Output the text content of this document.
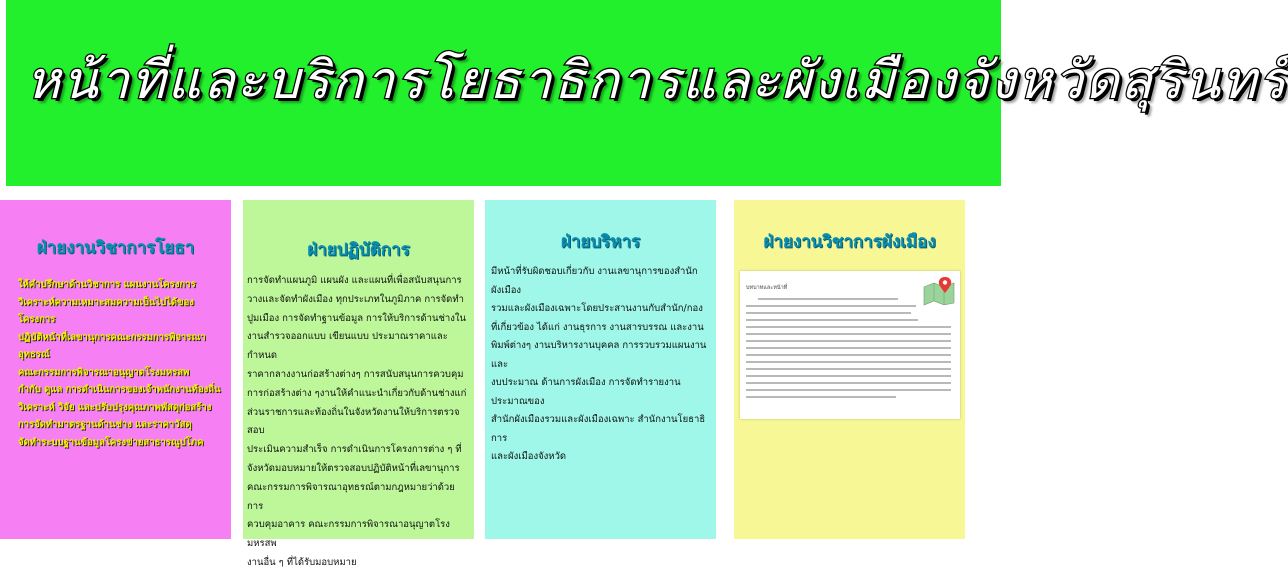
หน้าที่และบริการโยธาธิการและผังเมืองจังหวัดสุรินทร์
ฝ่ายงานวิชาการโยธา
ให้คำปรึกษาด้านวิชาการ แผนงานโครงการ
วิเคราะห์ความเหมาะสมความเป็นไปได้ของโครงการ
ปฏิบัติหน้าที่เลขานุการคณะกรรมการพิจารณาอุทธรณ์
คณะกรรมการพิจารณาอนุญาตโรงมหรสพ
กำกับ ดูแล การดำเนินการของเจ้าพนักงานท้องถิ่น
วิเคราะห์ วิจัย และปรับปรุงคุณภาพพัสดุก่อสร้าง
การจัดทำมาตรฐานด้านช่าง และราคาวัสดุ
จัดทำระบบฐานข้อมูลโครงข่ายสาธารณูปโภค
ฝ่ายปฏิบัติการ
การจัดทำแผนภูมิ แผนผัง และแผนที่เพื่อสนับสนุนการ
วางและจัดทำผังเมือง ทุกประเภทในภูมิภาค การจัดทำ
ปูมเมือง การจัดทำฐานข้อมูล การให้บริการด้านช่างใน
งานสำรวจออกแบบ เขียนแบบ ประมาณราคาและกำหนด
ราคากลางงานก่อสร้างต่างๆ การสนับสนุนการควบคุม
การก่อสร้างต่าง ๆงานให้คำแนะนำเกี่ยวกับด้านช่างแก่
ส่วนราชการและท้องถิ่นในจังหวัดงานให้บริการตรวจสอบ
ประเมินความสำเร็จ การดำเนินการโครงการต่าง ๆ ที่
จังหวัดมอบหมายให้ตรวจสอบปฏิบัติหน้าที่เลขานุการ
คณะกรรมการพิจารณาอุทธรณ์ตามกฎหมายว่าด้วยการ
ควบคุมอาคาร คณะกรรมการพิจารณาอนุญาตโรงมหรสพ
งานอื่น ๆ ที่ได้รับมอบหมาย
ฝ่ายบริหาร
มีหน้าที่รับผิดชอบเกี่ยวกับ งานเลขานุการของสำนักผังเมือง
รวมและผังเมืองเฉพาะโดยประสานงานกับสำนัก/กอง
ที่เกี่ยวข้อง ได้แก่ งานธุรการ งานสารบรรณ และงาน
พิมพ์ต่างๆ งานบริหารงานบุคคล การรวบรวมแผนงานและ
งบประมาณ ด้านการผังเมือง การจัดทำรายงานประมาณของ
สำนักผังเมืองรวมและผังเมืองเฉพาะ สำนักงานโยธาธิการ
และผังเมืองจังหวัด
ฝ่ายงานวิชาการผังเมือง
บทบาทและหน้าที่
